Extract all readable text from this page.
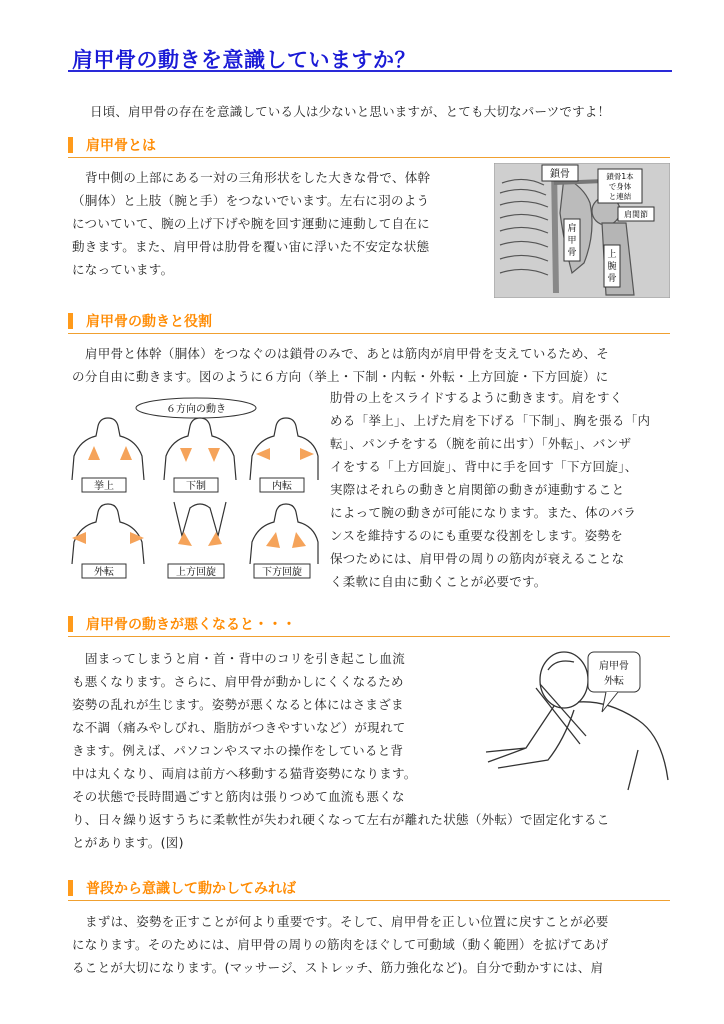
肩甲骨の動きを意識していますか？
日頃、肩甲骨の存在を意識している人は少ないと思いますが、とても大切なパーツですよ！
肩甲骨とは
背中側の上部にある一対の三角形状をした大きな骨で、体幹
（胴体）と上肢（腕と手）をつないでいます。左右に羽のよう
についていて、腕の上げ下げや腕を回す運動に連動して自在に
動きます。また、肩甲骨は肋骨を覆い宙に浮いた不安定な状態
になっています。
鎖骨	鎖骨1本
で身体
と連結
肩関節
肩
甲
骨	上
腕
骨
肩甲骨の動きと役割
肩甲骨と体幹（胴体）をつなぐのは鎖骨のみで、あとは筋肉が肩甲骨を支えているため、そ
の分自由に動きます。図のように６方向（挙上・下制・内転・外転・上方回旋・下方回旋）に
肋骨の上をスライドするように動きます。肩をすく
める「挙上」、上げた肩を下げる「下制」、胸を張る「内
転」、パンチをする（腕を前に出す）「外転」、バンザ
イをする「上方回旋」、背中に手を回す「下方回旋」、
実際はそれらの動きと肩関節の動きが連動すること
によって腕の動きが可能になります。また、体のバラ
ンスを維持するのにも重要な役割をします。姿勢を
保つためには、肩甲骨の周りの筋肉が衰えることな
く柔軟に自由に動くことが必要です。
６方向の動き
挙上	下制	内転
外転	上方回旋	下方回旋
肩甲骨の動きが悪くなると・・・
固まってしまうと肩・首・背中のコリを引き起こし血流
も悪くなります。さらに、肩甲骨が動かしにくくなるため
姿勢の乱れが生じます。姿勢が悪くなると体にはさまざま
な不調（痛みやしびれ、脂肪がつきやすいなど）が現れて
きます。例えば、パソコンやスマホの操作をしていると背
中は丸くなり、両肩は前方へ移動する猫背姿勢になります。
その状態で長時間過ごすと筋肉は張りつめて血流も悪くな
り、日々繰り返すうちに柔軟性が失われ硬くなって左右が離れた状態（外転）で固定化するこ
とがあります。(図)
肩甲骨
外転
普段から意識して動かしてみれば
まずは、姿勢を正すことが何より重要です。そして、肩甲骨を正しい位置に戻すことが必要
になります。そのためには、肩甲骨の周りの筋肉をほぐして可動域（動く範囲）を拡げてあげ
ることが大切になります。(マッサージ、ストレッチ、筋力強化など)。自分で動かすには、肩
